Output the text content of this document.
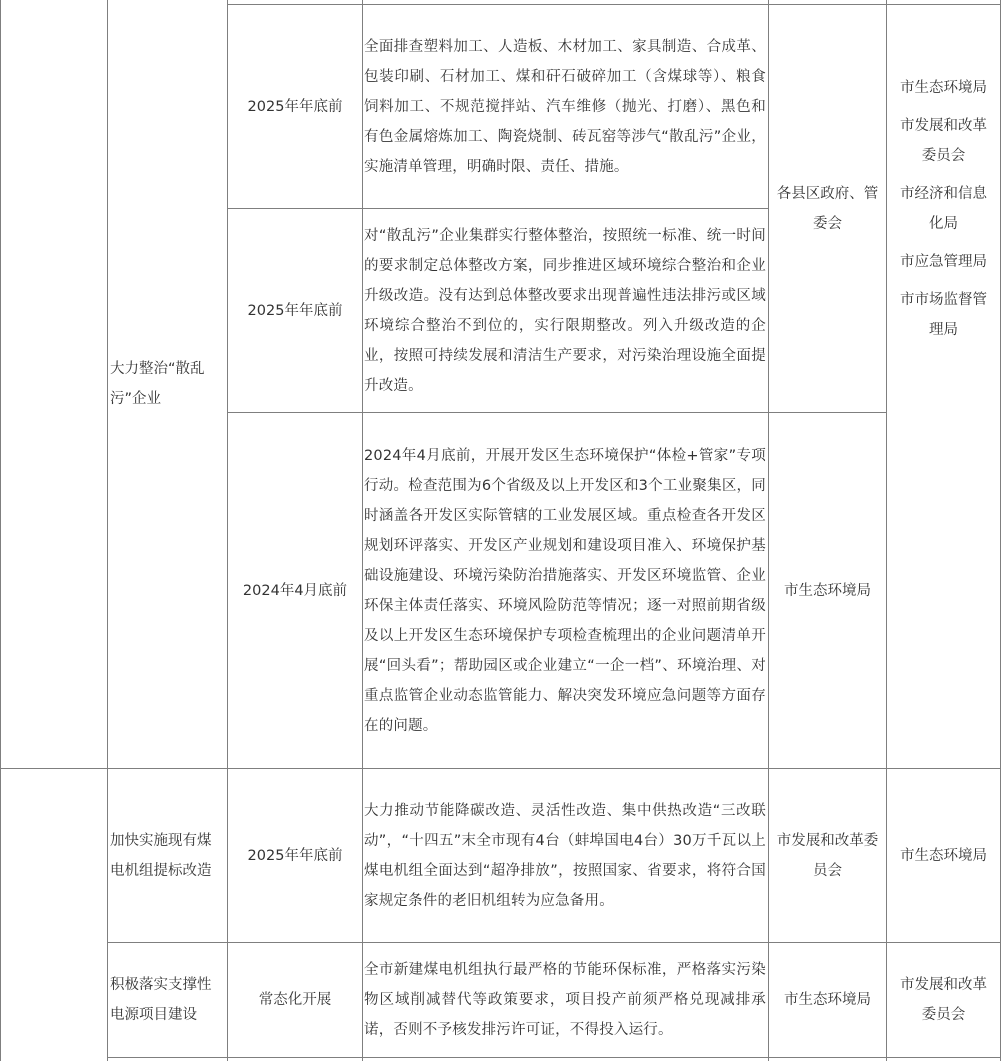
大力整治“散乱污”企业
2025年年底前
全面排查塑料加工、人造板、木材加工、家具制造、合成革、包装印刷、石材加工、煤和矸石破碎加工（含煤球等）、粮食饲料加工、不规范搅拌站、汽车维修（抛光、打磨）、黑色和有色金属熔炼加工、陶瓷烧制、砖瓦窑等涉气“散乱污”企业，实施清单管理，明确时限、责任、措施。
2025年年底前
对“散乱污”企业集群实行整体整治，按照统一标准、统一时间的要求制定总体整改方案，同步推进区域环境综合整治和企业升级改造。没有达到总体整改要求出现普遍性违法排污或区域环境综合整治不到位的，实行限期整改。列入升级改造的企业，按照可持续发展和清洁生产要求，对污染治理设施全面提升改造。
各县区政府、管委会
市生态环境局
市发展和改革委员会
市经济和信息化局
市应急管理局
市市场监督管理局
2024年4月底前
2024年4月底前，开展开发区生态环境保护“体检+管家”专项行动。检查范围为6个省级及以上开发区和3个工业聚集区，同时涵盖各开发区实际管辖的工业发展区域。重点检查各开发区规划环评落实、开发区产业规划和建设项目准入、环境保护基础设施建设、环境污染防治措施落实、开发区环境监管、企业环保主体责任落实、环境风险防范等情况；逐一对照前期省级及以上开发区生态环境保护专项检查梳理出的企业问题清单开展“回头看”；帮助园区或企业建立“一企一档”、环境治理、对重点监管企业动态监管能力、解决突发环境应急问题等方面存在的问题。
市生态环境局
加快实施现有煤电机组提标改造
2025年年底前
大力推动节能降碳改造、灵活性改造、集中供热改造“三改联动”，“十四五”末全市现有4台（蚌埠国电4台）30万千瓦以上煤电机组全面达到“超净排放”，按照国家、省要求，将符合国家规定条件的老旧机组转为应急备用。
市发展和改革委员会
市生态环境局
积极落实支撑性电源项目建设
常态化开展
全市新建煤电机组执行最严格的节能环保标准，严格落实污染物区域削减替代等政策要求，项目投产前须严格兑现减排承诺，否则不予核发排污许可证，不得投入运行。
市生态环境局
市发展和改革委员会
